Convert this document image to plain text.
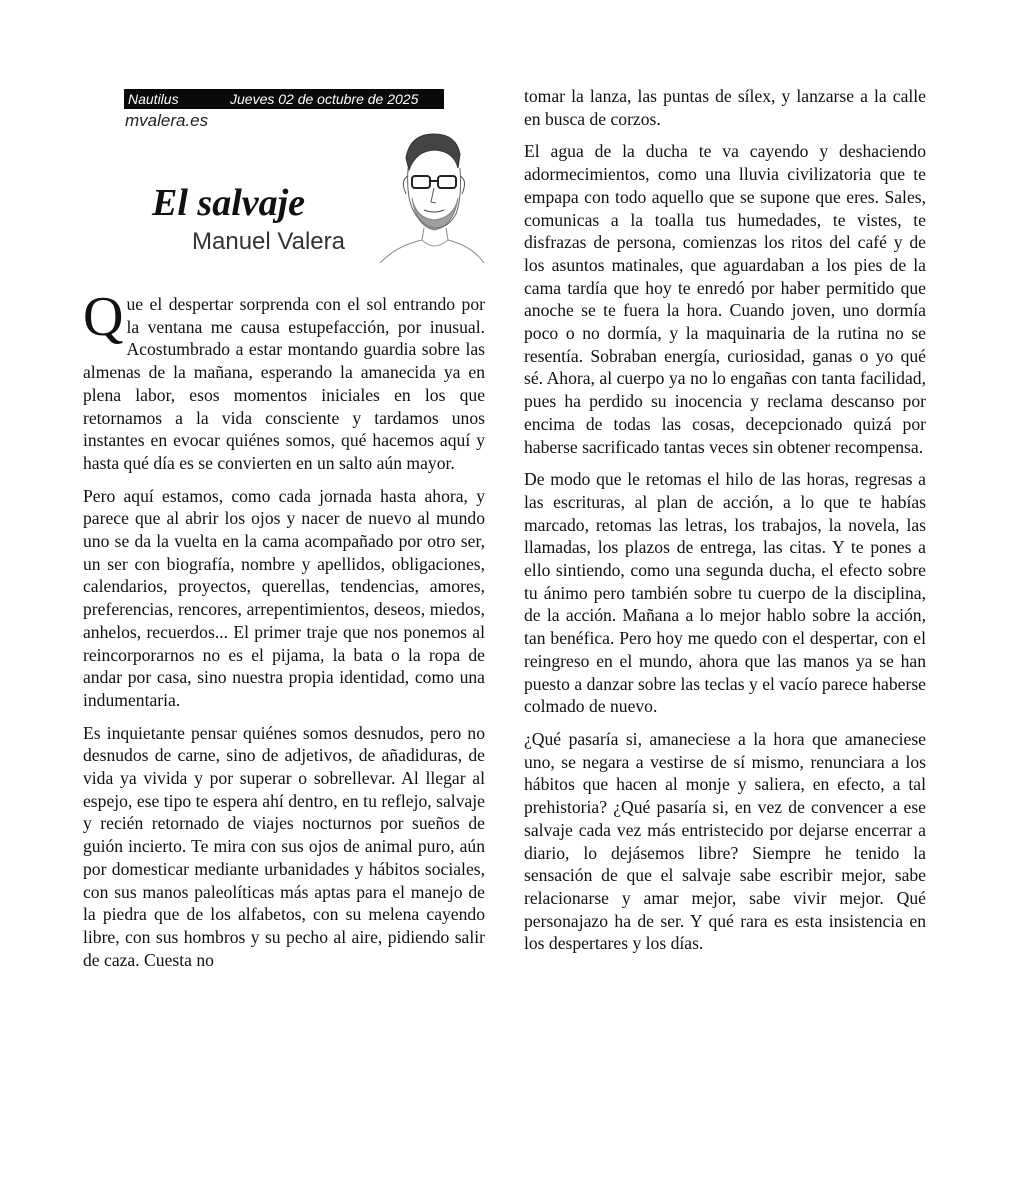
Nautilus	Jueves 02 de octubre de 2025
mvalera.es
El salvaje
Manuel Valera

Que el despertar sorprenda con el sol entrando por la ventana me causa estupefacción, por inusual. Acostumbrado a estar montando guardia sobre las almenas de la mañana, esperando la amanecida ya en plena labor, esos momentos iniciales en los que retornamos a la vida consciente y tardamos unos instantes en evocar quiénes somos, qué hacemos aquí y hasta qué día es se convierten en un salto aún mayor.

Pero aquí estamos, como cada jornada hasta ahora, y parece que al abrir los ojos y nacer de nuevo al mundo uno se da la vuelta en la cama acompañado por otro ser, un ser con biografía, nombre y apellidos, obligaciones, calendarios, proyectos, querellas, tendencias, amores, preferencias, rencores, arrepentimientos, deseos, miedos, anhelos, recuerdos... El primer traje que nos ponemos al reincorporarnos no es el pijama, la bata o la ropa de andar por casa, sino nuestra propia identidad, como una indumentaria.

Es inquietante pensar quiénes somos desnudos, pero no desnudos de carne, sino de adjetivos, de añadiduras, de vida ya vivida y por superar o sobrellevar. Al llegar al espejo, ese tipo te espera ahí dentro, en tu reflejo, salvaje y recién retornado de viajes nocturnos por sueños de guión incierto. Te mira con sus ojos de animal puro, aún por domesticar mediante urbanidades y hábitos sociales, con sus manos paleolíticas más aptas para el manejo de la piedra que de los alfabetos, con su melena cayendo libre, con sus hombros y su pecho al aire, pidiendo salir de caza. Cuesta no

tomar la lanza, las puntas de sílex, y lanzarse a la calle en busca de corzos.

El agua de la ducha te va cayendo y deshaciendo adormecimientos, como una lluvia civilizatoria que te empapa con todo aquello que se supone que eres. Sales, comunicas a la toalla tus humedades, te vistes, te disfrazas de persona, comienzas los ritos del café y de los asuntos matinales, que aguardaban a los pies de la cama tardía que hoy te enredó por haber permitido que anoche se te fuera la hora. Cuando joven, uno dormía poco o no dormía, y la maquinaria de la rutina no se resentía. Sobraban energía, curiosidad, ganas o yo qué sé. Ahora, al cuerpo ya no lo engañas con tanta facilidad, pues ha perdido su inocencia y reclama descanso por encima de todas las cosas, decepcionado quizá por haberse sacrificado tantas veces sin obtener recompensa.

De modo que le retomas el hilo de las horas, regresas a las escrituras, al plan de acción, a lo que te habías marcado, retomas las letras, los trabajos, la novela, las llamadas, los plazos de entrega, las citas. Y te pones a ello sintiendo, como una segunda ducha, el efecto sobre tu ánimo pero también sobre tu cuerpo de la disciplina, de la acción. Mañana a lo mejor hablo sobre la acción, tan benéfica. Pero hoy me quedo con el despertar, con el reingreso en el mundo, ahora que las manos ya se han puesto a danzar sobre las teclas y el vacío parece haberse colmado de nuevo.

¿Qué pasaría si, amaneciese a la hora que amaneciese uno, se negara a vestirse de sí mismo, renunciara a los hábitos que hacen al monje y saliera, en efecto, a tal prehistoria? ¿Qué pasaría si, en vez de convencer a ese salvaje cada vez más entristecido por dejarse encerrar a diario, lo dejásemos libre? Siempre he tenido la sensación de que el salvaje sabe escribir mejor, sabe relacionarse y amar mejor, sabe vivir mejor. Qué personajazo ha de ser. Y qué rara es esta insistencia en los despertares y los días.
